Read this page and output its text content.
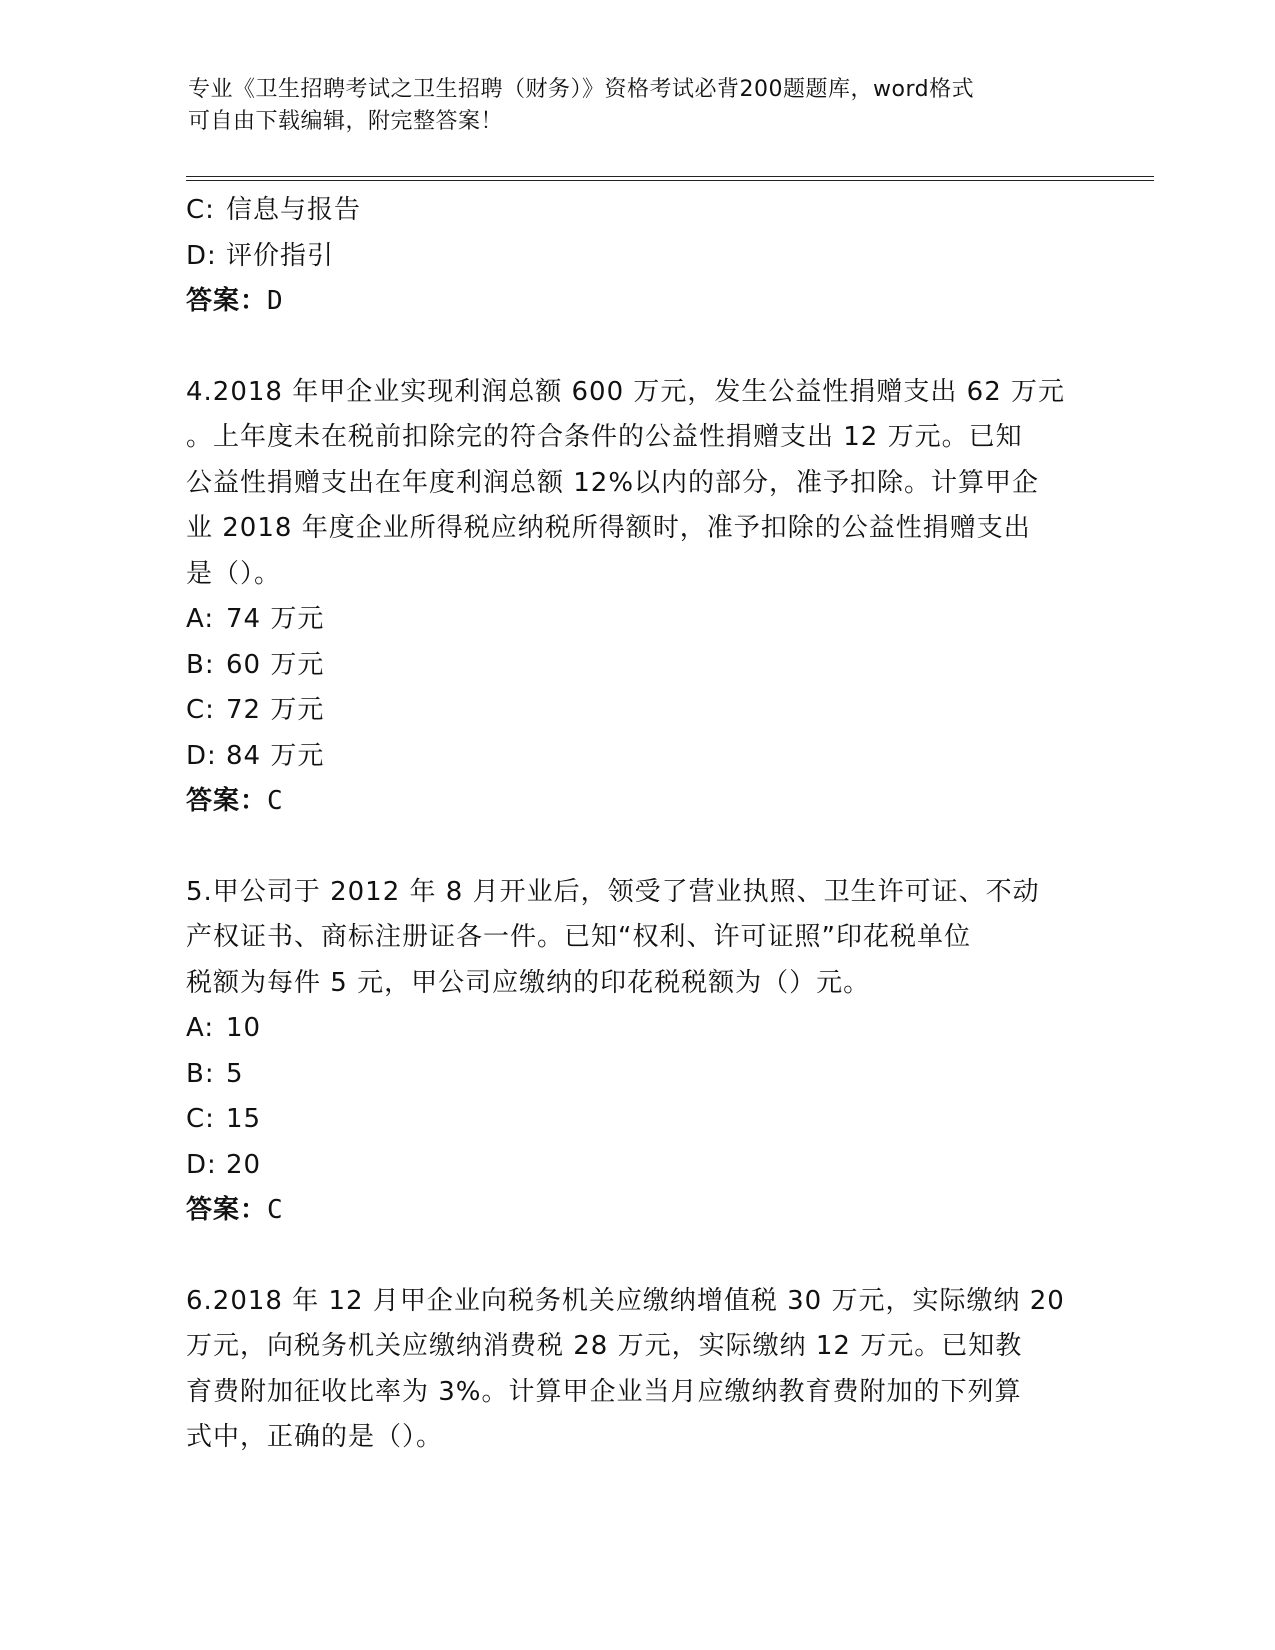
专业《卫生招聘考试之卫生招聘（财务）》资格考试必背200题题库，word格式
可自由下载编辑，附完整答案！
C: 信息与报告
D: 评价指引
答案：D
4.2018 年甲企业实现利润总额 600 万元，发生公益性捐赠支出 62 万元
。上年度未在税前扣除完的符合条件的公益性捐赠支出 12 万元。已知
公益性捐赠支出在年度利润总额 12%以内的部分，准予扣除。计算甲企
业 2018 年度企业所得税应纳税所得额时，准予扣除的公益性捐赠支出
是（）。
A: 74 万元
B: 60 万元
C: 72 万元
D: 84 万元
答案：C
5.甲公司于 2012 年 8 月开业后，领受了营业执照、卫生许可证、不动
产权证书、商标注册证各一件。已知“权利、许可证照”印花税单位
税额为每件 5 元，甲公司应缴纳的印花税税额为（）元。
A: 10
B: 5
C: 15
D: 20
答案：C
6.2018 年 12 月甲企业向税务机关应缴纳增值税 30 万元，实际缴纳 20
万元，向税务机关应缴纳消费税 28 万元，实际缴纳 12 万元。已知教
育费附加征收比率为 3%。计算甲企业当月应缴纳教育费附加的下列算
式中，正确的是（）。
